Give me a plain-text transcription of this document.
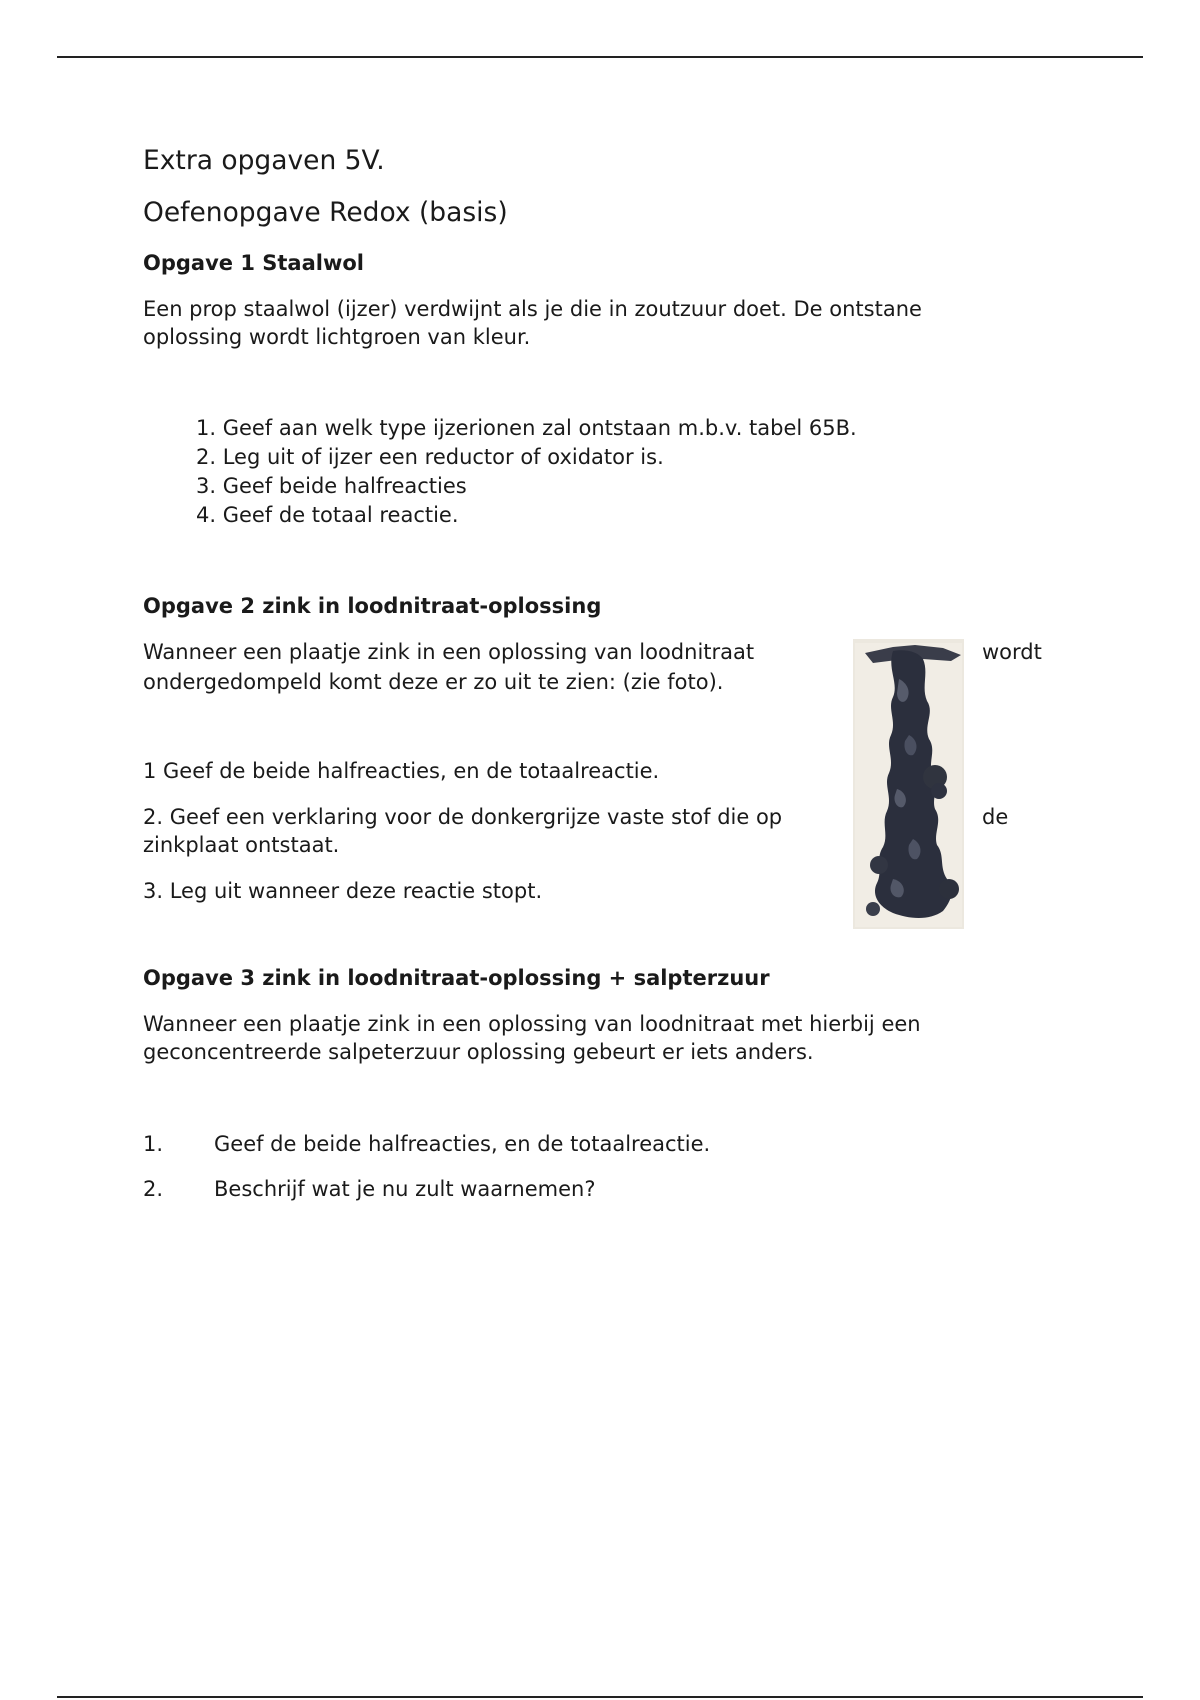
Extra opgaven 5V.

Oefenopgave Redox (basis)

Opgave 1 Staalwol

Een prop staalwol (ijzer) verdwijnt als je die in zoutzuur doet. De ontstane

oplossing wordt lichtgroen van kleur.

1. Geef aan welk type ijzerionen zal ontstaan m.b.v. tabel 65B.
2. Leg uit of ijzer een reductor of oxidator is.
3. Geef beide halfreacties
4. Geef de totaal reactie.

Opgave 2 zink in loodnitraat-oplossing

Wanneer een plaatje zink in een oplossing van loodnitraat	wordt

ondergedompeld komt deze er zo uit te zien: (zie foto).

1 Geef de beide halfreacties, en de totaalreactie.

2. Geef een verklaring voor de donkergrijze vaste stof die op	de

zinkplaat ontstaat.

3. Leg uit wanneer deze reactie stopt.

Opgave 3 zink in loodnitraat-oplossing + salpterzuur

Wanneer een plaatje zink in een oplossing van loodnitraat met hierbij een

geconcentreerde salpeterzuur oplossing gebeurt er iets anders.

1. Geef de beide halfreacties, en de totaalreactie.

2. Beschrijf wat je nu zult waarnemen?
